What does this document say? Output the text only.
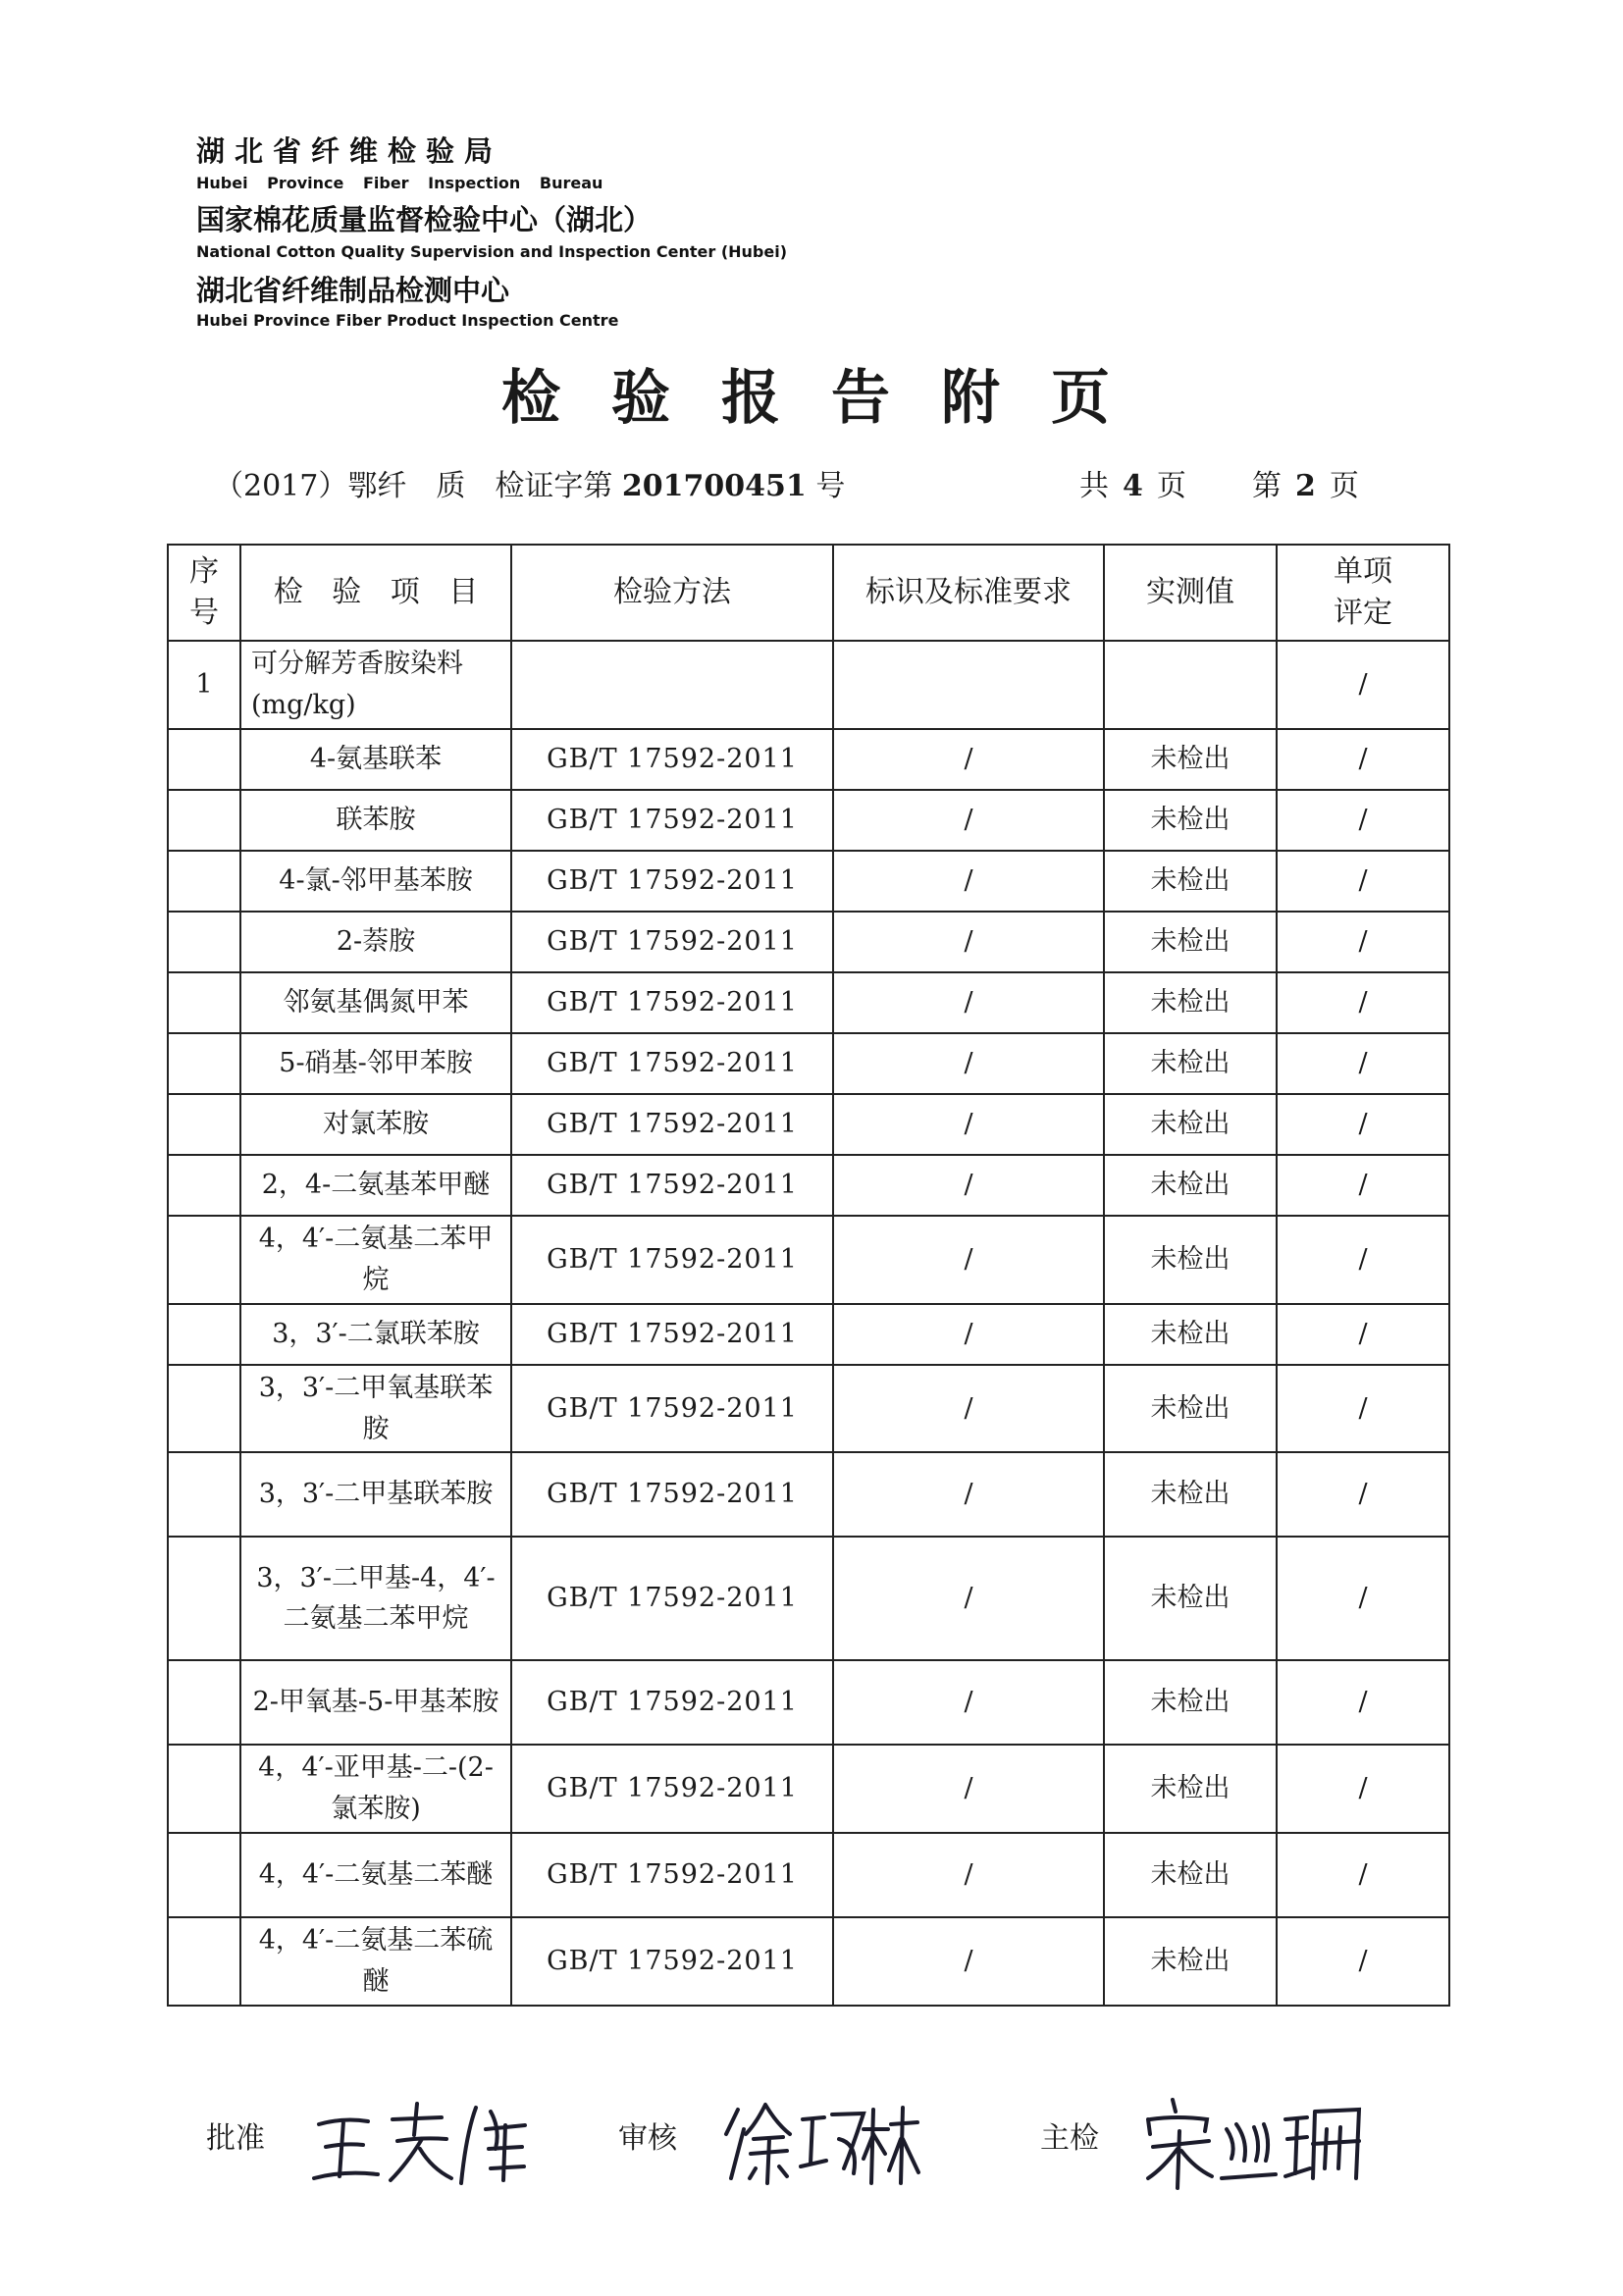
湖北省纤维检验局
Hubei Province Fiber Inspection Bureau
国家棉花质量监督检验中心（湖北）
National Cotton Quality Supervision and Inspection Center (Hubei)
湖北省纤维制品检测中心
Hubei Province Fiber Product Inspection Centre
检验报告附页
（2017）鄂纤　质　检证字第 201700451 号	共 4 页 第 2 页
序号	检 验 项 目	检验方法	标识及标准要求	实测值	单项评定
1	可分解芳香胺染料(mg/kg)				/
	4-氨基联苯	GB/T 17592-2011	/	未检出	/
	联苯胺	GB/T 17592-2011	/	未检出	/
	4-氯-邻甲基苯胺	GB/T 17592-2011	/	未检出	/
	2-萘胺	GB/T 17592-2011	/	未检出	/
	邻氨基偶氮甲苯	GB/T 17592-2011	/	未检出	/
	5-硝基-邻甲苯胺	GB/T 17592-2011	/	未检出	/
	对氯苯胺	GB/T 17592-2011	/	未检出	/
	2，4-二氨基苯甲醚	GB/T 17592-2011	/	未检出	/
	4，4′-二氨基二苯甲烷	GB/T 17592-2011	/	未检出	/
	3，3′-二氯联苯胺	GB/T 17592-2011	/	未检出	/
	3，3′-二甲氧基联苯胺	GB/T 17592-2011	/	未检出	/
	3，3′-二甲基联苯胺	GB/T 17592-2011	/	未检出	/
	3，3′-二甲基-4，4′-二氨基二苯甲烷	GB/T 17592-2011	/	未检出	/
	2-甲氧基-5-甲基苯胺	GB/T 17592-2011	/	未检出	/
	4，4′-亚甲基-二-(2-氯苯胺)	GB/T 17592-2011	/	未检出	/
	4，4′-二氨基二苯醚	GB/T 17592-2011	/	未检出	/
	4，4′-二氨基二苯硫醚	GB/T 17592-2011	/	未检出	/
批准	审核	主检
